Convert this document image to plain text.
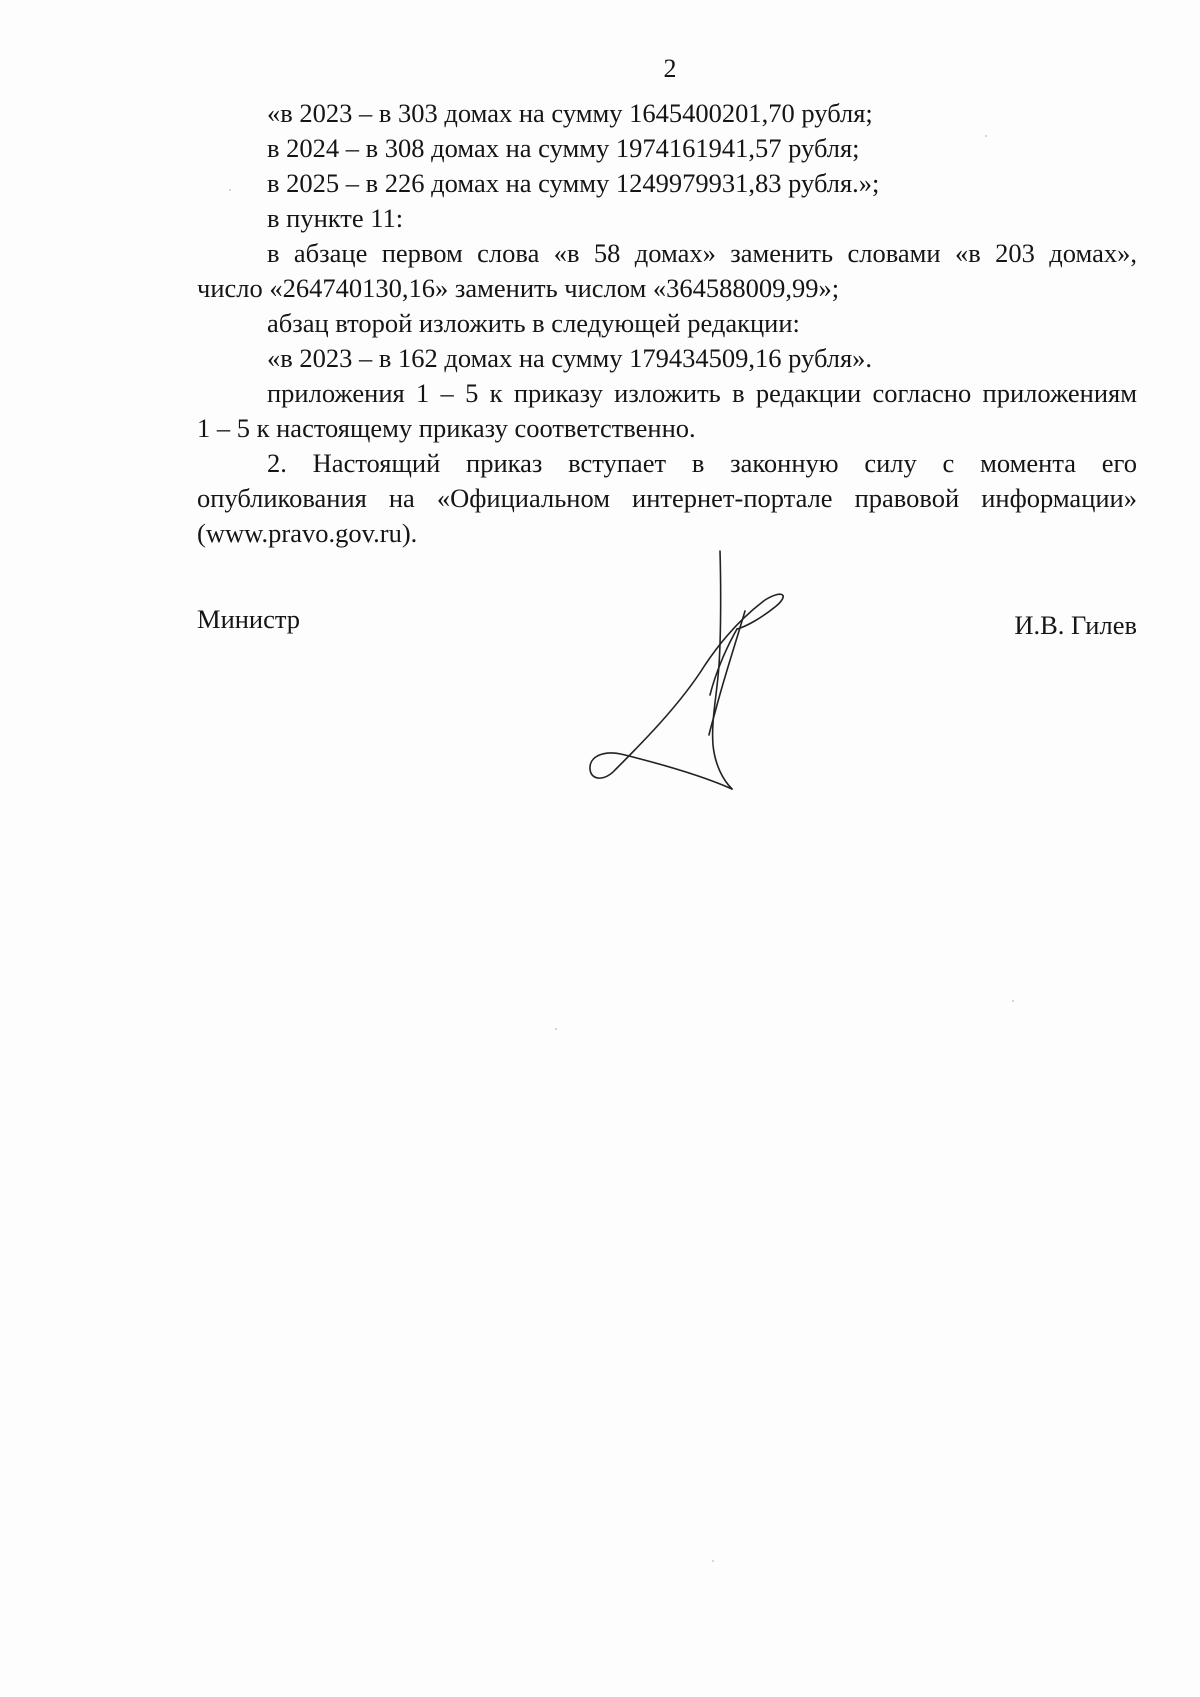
2
«в 2023 – в 303 домах на сумму 1645400201,70 рубля;
в 2024 – в 308 домах на сумму 1974161941,57 рубля;
в 2025 – в 226 домах на сумму 1249979931,83 рубля.»;
в пункте 11:
в абзаце первом слова «в 58 домах» заменить словами «в 203 домах»,
число «264740130,16» заменить числом «364588009,99»;
абзац второй изложить в следующей редакции:
«в 2023 – в 162 домах на сумму 179434509,16 рубля».
приложения 1 – 5 к приказу изложить в редакции согласно приложениям
1 – 5 к настоящему приказу соответственно.
2. Настоящий приказ вступает в законную силу с момента его
опубликования на «Официальном интернет-портале правовой информации»
(www.pravo.gov.ru).
Министр	И.В. Гилев
